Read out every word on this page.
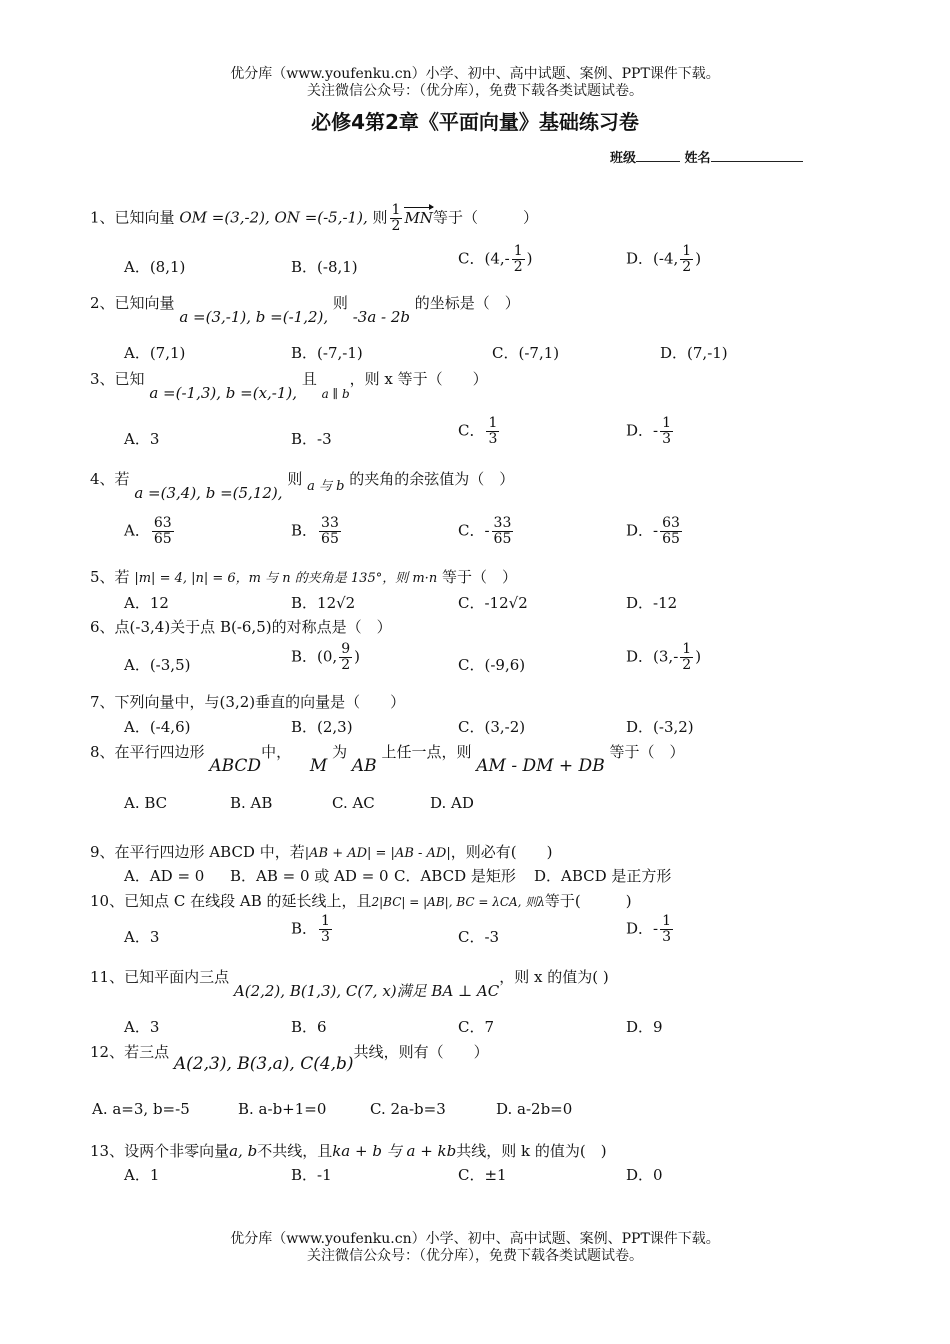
优分库（www.youfenku.cn）小学、初中、高中试题、案例、PPT课件下载。
关注微信公众号：（优分库），免费下载各类试题试卷。
必修4第2章《平面向量》基础练习卷
班级	姓名
1、已知向量 OM =(3,-2), ON =(-5,-1), 则 $\frac{1}{2}$ MN等于（　　　）
A．(8,1)	B．(-8,1)	C．($4,- \frac{1}{2}$ )	D．(-4, $\frac{1}{2}$ )
2、已知向量 a =(3,-1), b =(-1,2), 则 -3a - 2b 的坐标是（　）
A．(7,1)	B．(-7,-1)	C．(-7,1)	D．(7,-1)
3、已知 a =(-1,3), b =(x,-1), 且 $_{a \parallel b}$，则 x 等于（　　）
A．3	B．-3	C． $\frac{1}{3}$	D．- $\frac{1}{3}$
4、若 a =(3,4), b =(5,12), 则 a 与 b 的夹角的余弦值为（　）
A． $\frac{63}{65}$	B． $\frac{33}{65}$	C．- $\frac{33}{65}$	D．- $\frac{63}{65}$
5、若 |m| = 4, |n| = 6，m 与 n 的夹角是 135°，则 m·n 等于（　）
A．12	B．12√2	C．-12√2	D．-12
6、点(-3,4)关于点 B(-6,5)的对称点是（　）
A．(-3,5)	B．(0, $\frac{9}{2}$ )	C．(-9,6)	D．($3,- \frac{1}{2}$ )
7、下列向量中，与(3,2)垂直的向量是（　　）
A．(-4,6)	B．(2,3)	C．(3,-2)	D．(-3,2)
8、在平行四边形 ABCD中， M 为 AB 上任一点，则 AM - DM + DB 等于（　）
A. BC	B. AB	C. AC	D. AD
9、在平行四边形 ABCD 中，若|AB + AD| = |AB - AD|，则必有(　　)
A．AD = 0 B．AB = 0 或 AD = 0 C．ABCD 是矩形 D．ABCD 是正方形
10、已知点 C 在线段 AB 的延长线上，且2|BC| = |AB|, BC = λCA, 则λ等于(　　　)
A．3	B． $\frac{1}{3}$	C．-3	D．- $\frac{1}{3}$
11、已知平面内三点 A(2,2), B(1,3), C(7, x)满足 BA ⊥ AC，则 x 的值为( )
A．3	B．6	C．7	D．9
12、若三点 A(2,3), B(3,a), C(4,b)共线，则有（　　）
A. a=3, b=-5	B. a-b+1=0	C. 2a-b=3	D. a-2b=0
13、设两个非零向量a, b不共线，且ka + b 与 a + kb共线，则 k 的值为(　)
A．1	B．-1	C．±1	D．0
优分库（www.youfenku.cn）小学、初中、高中试题、案例、PPT课件下载。
关注微信公众号：（优分库），免费下载各类试题试卷。
